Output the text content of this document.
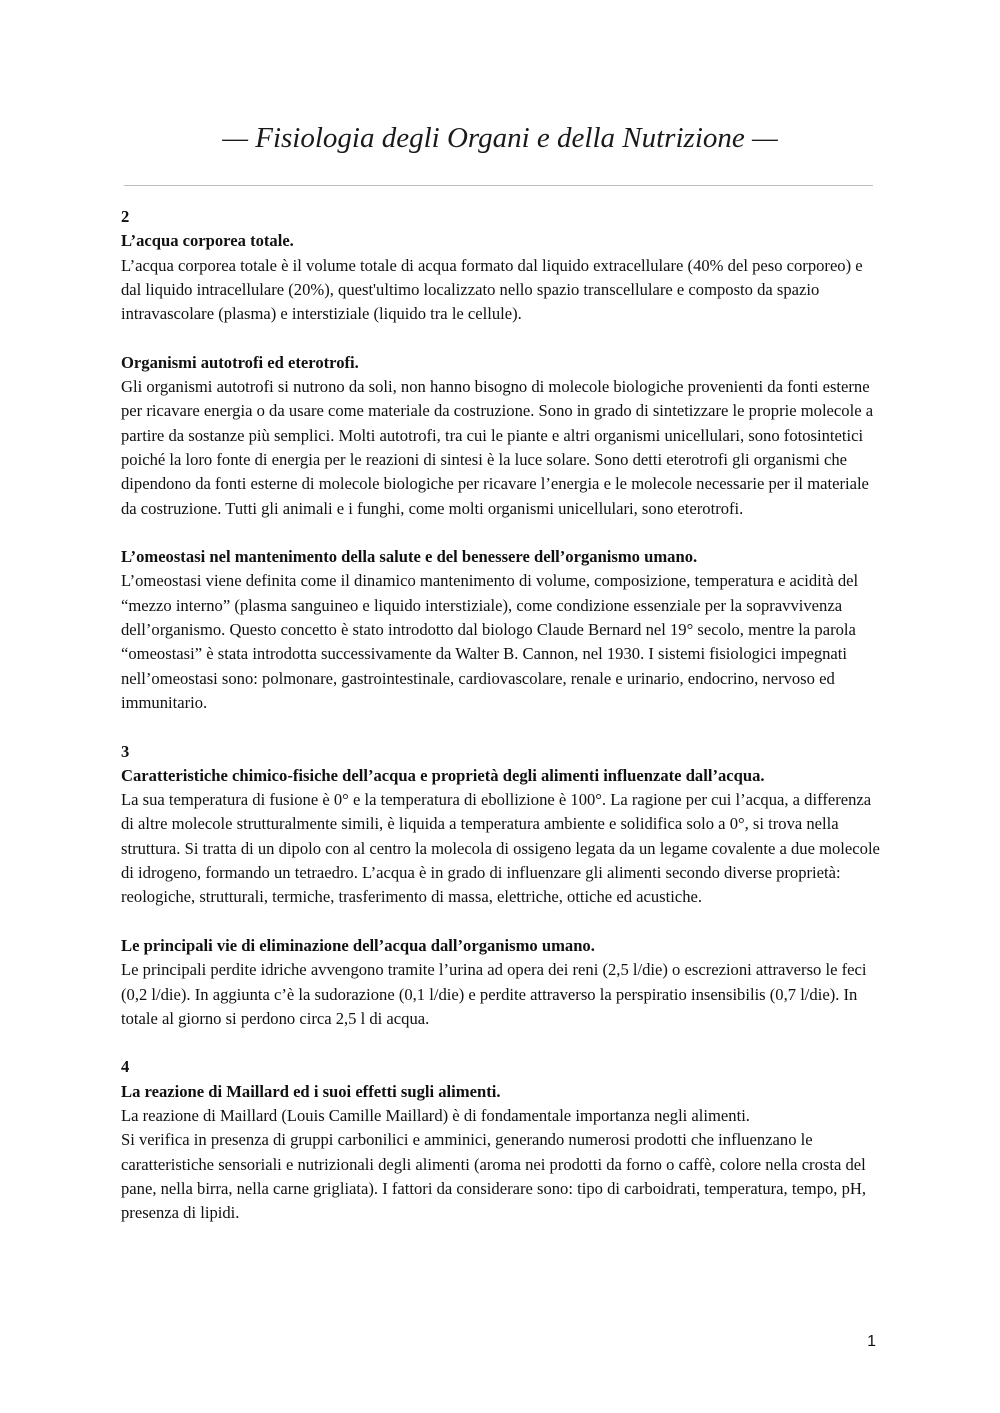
— Fisiologia degli Organi e della Nutrizione —

2

L’acqua corporea totale.

L’acqua corporea totale è il volume totale di acqua formato dal liquido extracellulare (40% del peso corporeo) e dal liquido intracellulare (20%), quest'ultimo localizzato nello spazio transcellulare e composto da spazio intravascolare (plasma) e interstiziale (liquido tra le cellule).

Organismi autotrofi ed eterotrofi.

Gli organismi autotrofi si nutrono da soli, non hanno bisogno di molecole biologiche provenienti da fonti esterne per ricavare energia o da usare come materiale da costruzione. Sono in grado di sintetizzare le proprie molecole a partire da sostanze più semplici. Molti autotrofi, tra cui le piante e altri organismi unicellulari, sono fotosintetici poiché la loro fonte di energia per le reazioni di sintesi è la luce solare. Sono detti eterotrofi gli organismi che dipendono da fonti esterne di molecole biologiche per ricavare l’energia e le molecole necessarie per il materiale da costruzione. Tutti gli animali e i funghi, come molti organismi unicellulari, sono eterotrofi.

L’omeostasi nel mantenimento della salute e del benessere dell’organismo umano.

L’omeostasi viene definita come il dinamico mantenimento di volume, composizione, temperatura e acidità del “mezzo interno” (plasma sanguineo e liquido interstiziale), come condizione essenziale per la sopravvivenza dell’organismo. Questo concetto è stato introdotto dal biologo Claude Bernard nel 19° secolo, mentre la parola “omeostasi” è stata introdotta successivamente da Walter B. Cannon, nel 1930. I sistemi fisiologici impegnati nell’omeostasi sono: polmonare, gastrointestinale, cardiovascolare, renale e urinario, endocrino, nervoso ed immunitario.

3

Caratteristiche chimico-fisiche dell’acqua e proprietà degli alimenti influenzate dall’acqua.

La sua temperatura di fusione è 0° e la temperatura di ebollizione è 100°. La ragione per cui l’acqua, a differenza di altre molecole strutturalmente simili, è liquida a temperatura ambiente e solidifica solo a 0°, si trova nella struttura. Si tratta di un dipolo con al centro la molecola di ossigeno legata da un legame covalente a due molecole di idrogeno, formando un tetraedro. L’acqua è in grado di influenzare gli alimenti secondo diverse proprietà: reologiche, strutturali, termiche, trasferimento di massa, elettriche, ottiche ed acustiche.

Le principali vie di eliminazione dell’acqua dall’organismo umano.

Le principali perdite idriche avvengono tramite l’urina ad opera dei reni (2,5 l/die) o escrezioni attraverso le feci (0,2 l/die). In aggiunta c’è la sudorazione (0,1 l/die) e perdite attraverso la perspiratio insensibilis (0,7 l/die). In totale al giorno si perdono circa 2,5 l di acqua.

4

La reazione di Maillard ed i suoi effetti sugli alimenti.

La reazione di Maillard (Louis Camille Maillard) è di fondamentale importanza negli alimenti.

Si verifica in presenza di gruppi carbonilici e amminici, generando numerosi prodotti che influenzano le caratteristiche sensoriali e nutrizionali degli alimenti (aroma nei prodotti da forno o caffè, colore nella crosta del pane, nella birra, nella carne grigliata). I fattori da considerare sono: tipo di carboidrati, temperatura, tempo, pH, presenza di lipidi.

1
